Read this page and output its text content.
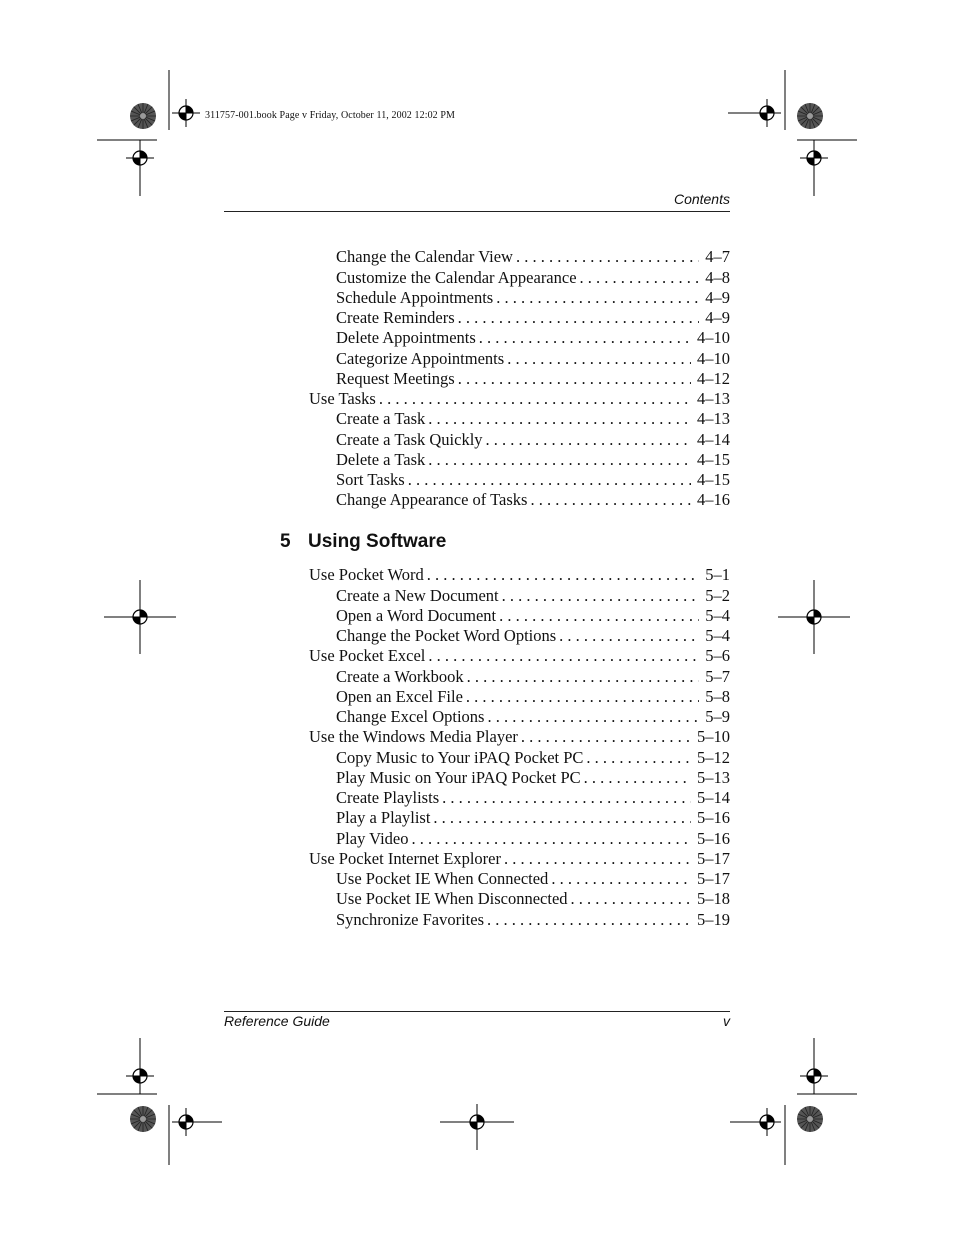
311757-001.book Page v Friday, October 11, 2002 12:02 PM
Contents
Change the Calendar View . . .	4–7
Customize the Calendar Appearance . . .	4–8
Schedule Appointments . . .	4–9
Create Reminders . . .	4–9
Delete Appointments . . .	4–10
Categorize Appointments . . .	4–10
Request Meetings . . .	4–12
Use Tasks . . .	4–13
Create a Task . . .	4–13
Create a Task Quickly . . .	4–14
Delete a Task . . .	4–15
Sort Tasks . . .	4–15
Change Appearance of Tasks . . .	4–16
5 Using Software
Use Pocket Word . . .	5–1
Create a New Document . . .	5–2
Open a Word Document . . .	5–4
Change the Pocket Word Options . . .	5–4
Use Pocket Excel . . .	5–6
Create a Workbook . . .	5–7
Open an Excel File . . .	5–8
Change Excel Options . . .	5–9
Use the Windows Media Player . . .	5–10
Copy Music to Your iPAQ Pocket PC . . .	5–12
Play Music on Your iPAQ Pocket PC . . .	5–13
Create Playlists . . .	5–14
Play a Playlist . . .	5–16
Play Video . . .	5–16
Use Pocket Internet Explorer . . .	5–17
Use Pocket IE When Connected . . .	5–17
Use Pocket IE When Disconnected . . .	5–18
Synchronize Favorites . . .	5–19
Reference Guide	v
